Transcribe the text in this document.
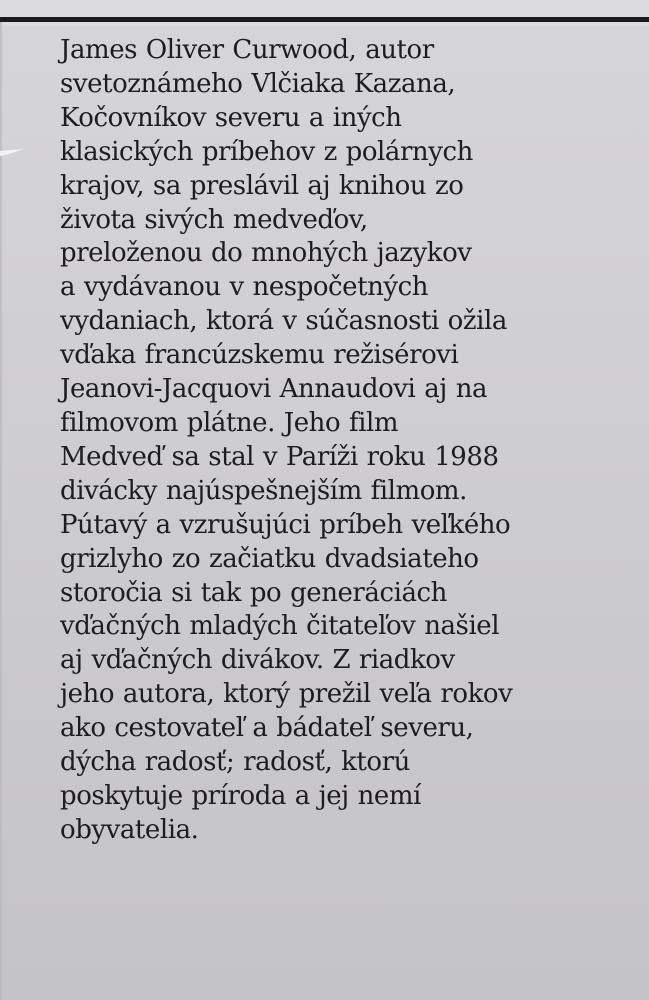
James Oliver Curwood, autor
svetoznámeho Vlčiaka Kazana,
Kočovníkov severu a iných
klasických príbehov z polárnych
krajov, sa preslávil aj knihou zo
života sivých medveďov,
preloženou do mnohých jazykov
a vydávanou v nespočetných
vydaniach, ktorá v súčasnosti ožila
vďaka francúzskemu režisérovi
Jeanovi-Jacquovi Annaudovi aj na
filmovom plátne. Jeho film
Medveď sa stal v Paríži roku 1988
divácky najúspešnejším filmom.
Pútavý a vzrušujúci príbeh veľkého
grizlyho zo začiatku dvadsiateho
storočia si tak po generáciách
vďačných mladých čitateľov našiel
aj vďačných divákov. Z riadkov
jeho autora, ktorý prežil veľa rokov
ako cestovateľ a bádateľ severu,
dýcha radosť; radosť, ktorú
poskytuje príroda a jej nemí
obyvatelia.
